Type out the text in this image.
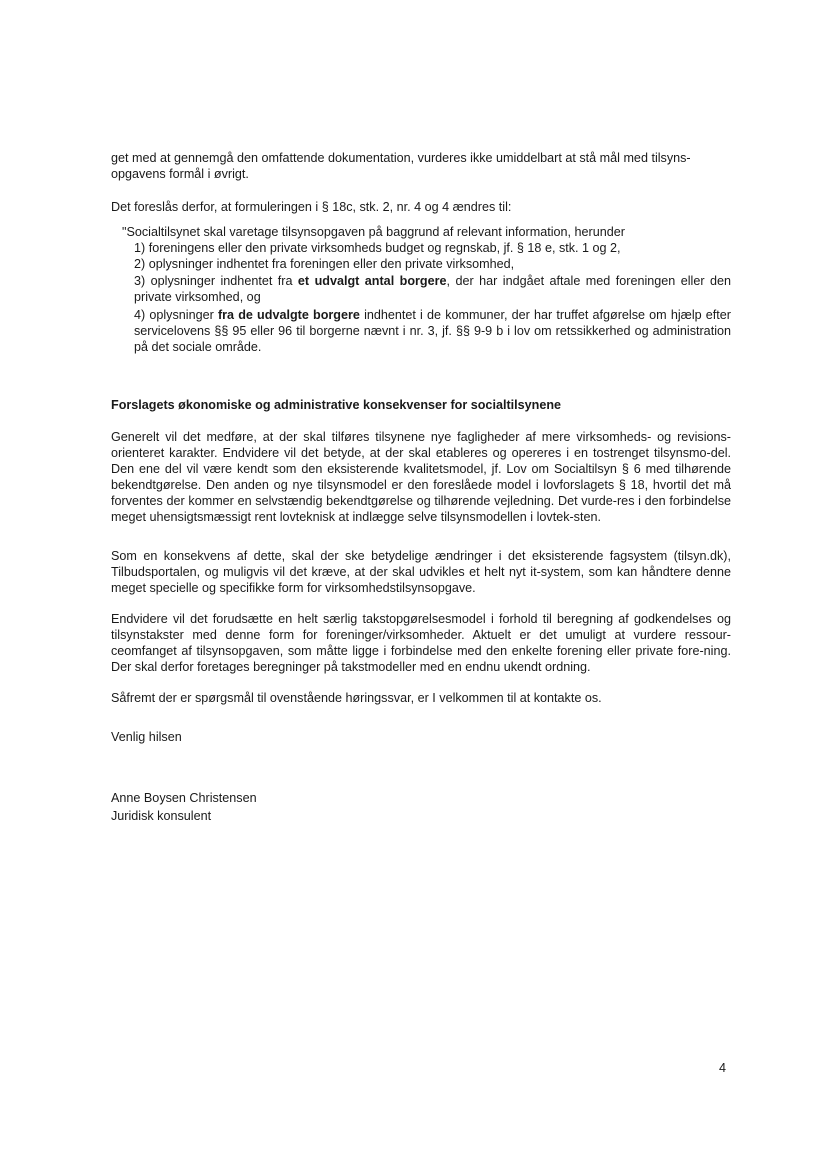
get med at gennemgå den omfattende dokumentation, vurderes ikke umiddelbart at stå mål med tilsyns-

opgavens formål i øvrigt.

Det foreslås derfor, at formuleringen i § 18c, stk. 2, nr. 4 og 4 ændres til:

"Socialtilsynet skal varetage tilsynsopgaven på baggrund af relevant information, herunder

1) foreningens eller den private virksomheds budget og regnskab, jf. § 18 e, stk. 1 og 2,

2) oplysninger indhentet fra foreningen eller den private virksomhed,

3) oplysninger indhentet fra et udvalgt antal borgere, der har indgået aftale med foreningen eller den private virksomhed, og

4) oplysninger fra de udvalgte borgere indhentet i de kommuner, der har truffet afgørelse om hjælp efter servicelovens §§ 95 eller 96 til borgerne nævnt i nr. 3, jf. §§ 9-9 b i lov om retssikkerhed og administration på det sociale område.

Forslagets økonomiske og administrative konsekvenser for socialtilsynene

Generelt vil det medføre, at der skal tilføres tilsynene nye fagligheder af mere virksomheds- og revisions-orienteret karakter. Endvidere vil det betyde, at der skal etableres og opereres i en tostrenget tilsynsmo-del. Den ene del vil være kendt som den eksisterende kvalitetsmodel, jf. Lov om Socialtilsyn § 6 med tilhørende bekendtgørelse. Den anden og nye tilsynsmodel er den foreslåede model i lovforslagets § 18, hvortil det må forventes der kommer en selvstændig bekendtgørelse og tilhørende vejledning. Det vurde-res i den forbindelse meget uhensigtsmæssigt rent lovteknisk at indlægge selve tilsynsmodellen i lovtek-sten.

Som en konsekvens af dette, skal der ske betydelige ændringer i det eksisterende fagsystem (tilsyn.dk), Tilbudsportalen, og muligvis vil det kræve, at der skal udvikles et helt nyt it-system, som kan håndtere denne meget specielle og specifikke form for virksomhedstilsynsopgave.

Endvidere vil det forudsætte en helt særlig takstopgørelsesmodel i forhold til beregning af godkendelses og tilsynstakster med denne form for foreninger/virksomheder. Aktuelt er det umuligt at vurdere ressour-ceomfanget af tilsynsopgaven, som måtte ligge i forbindelse med den enkelte forening eller private fore-ning. Der skal derfor foretages beregninger på takstmodeller med en endnu ukendt ordning.

Såfremt der er spørgsmål til ovenstående høringssvar, er I velkommen til at kontakte os.

Venlig hilsen

Anne Boysen Christensen

Juridisk konsulent

4
